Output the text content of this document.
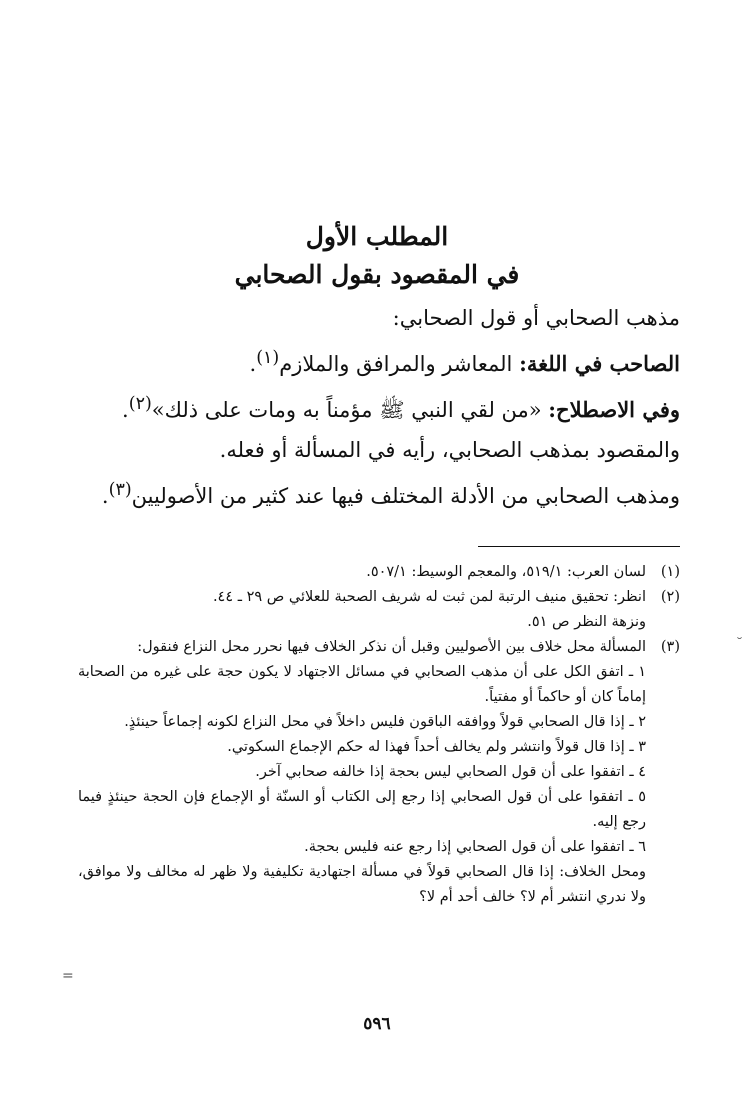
المطلب الأول
في المقصود بقول الصحابي

مذهب الصحابي أو قول الصحابي:

الصاحب في اللغة: المعاشر والمرافق والملازم$^{(١)}$.

وفي الاصطلاح: «من لقي النبي ﷺ مؤمناً به ومات على ذلك»$^{(٢)}$.

والمقصود بمذهب الصحابي، رأيه في المسألة أو فعله.

ومذهب الصحابي من الأدلة المختلف فيها عند كثير من الأصوليين$^{(٣)}$.

(١)
لسان العرب: ٥١٩/١، والمعجم الوسيط: ٥٠٧/١.
(٢)
انظر: تحقيق منيف الرتبة لمن ثبت له شريف الصحبة للعلائي ص ٢٩ ـ ٤٤.
ونزهة النظر ص ٥١.
(٣)
المسألة محل خلاف بين الأصوليين وقبل أن نذكر الخلاف فيها نحرر محل النزاع فنقول:
١ ـ اتفق الكل على أن مذهب الصحابي في مسائل الاجتهاد لا يكون حجة على غيره من الصحابة إماماً كان أو حاكماً أو مفتياً.
٢ ـ إذا قال الصحابي قولاً ووافقه الباقون فليس داخلاً في محل النزاع لكونه إجماعاً حينئذٍ.
٣ ـ إذا قال قولاً وانتشر ولم يخالف أحداً فهذا له حكم الإجماع السكوتي.
٤ ـ اتفقوا على أن قول الصحابي ليس بحجة إذا خالفه صحابي آخر.
٥ ـ اتفقوا على أن قول الصحابي إذا رجع إلى الكتاب أو السنّة أو الإجماع فإن الحجة حينئذٍ فيما رجع إليه.
٦ ـ اتفقوا على أن قول الصحابي إذا رجع عنه فليس بحجة.
ومحل الخلاف: إذا قال الصحابي قولاً في مسألة اجتهادية تكليفية ولا ظهر له مخالف ولا موافق، ولا ندري انتشر أم لا؟ خالف أحد أم لا؟
٥٩٦
˘
=
